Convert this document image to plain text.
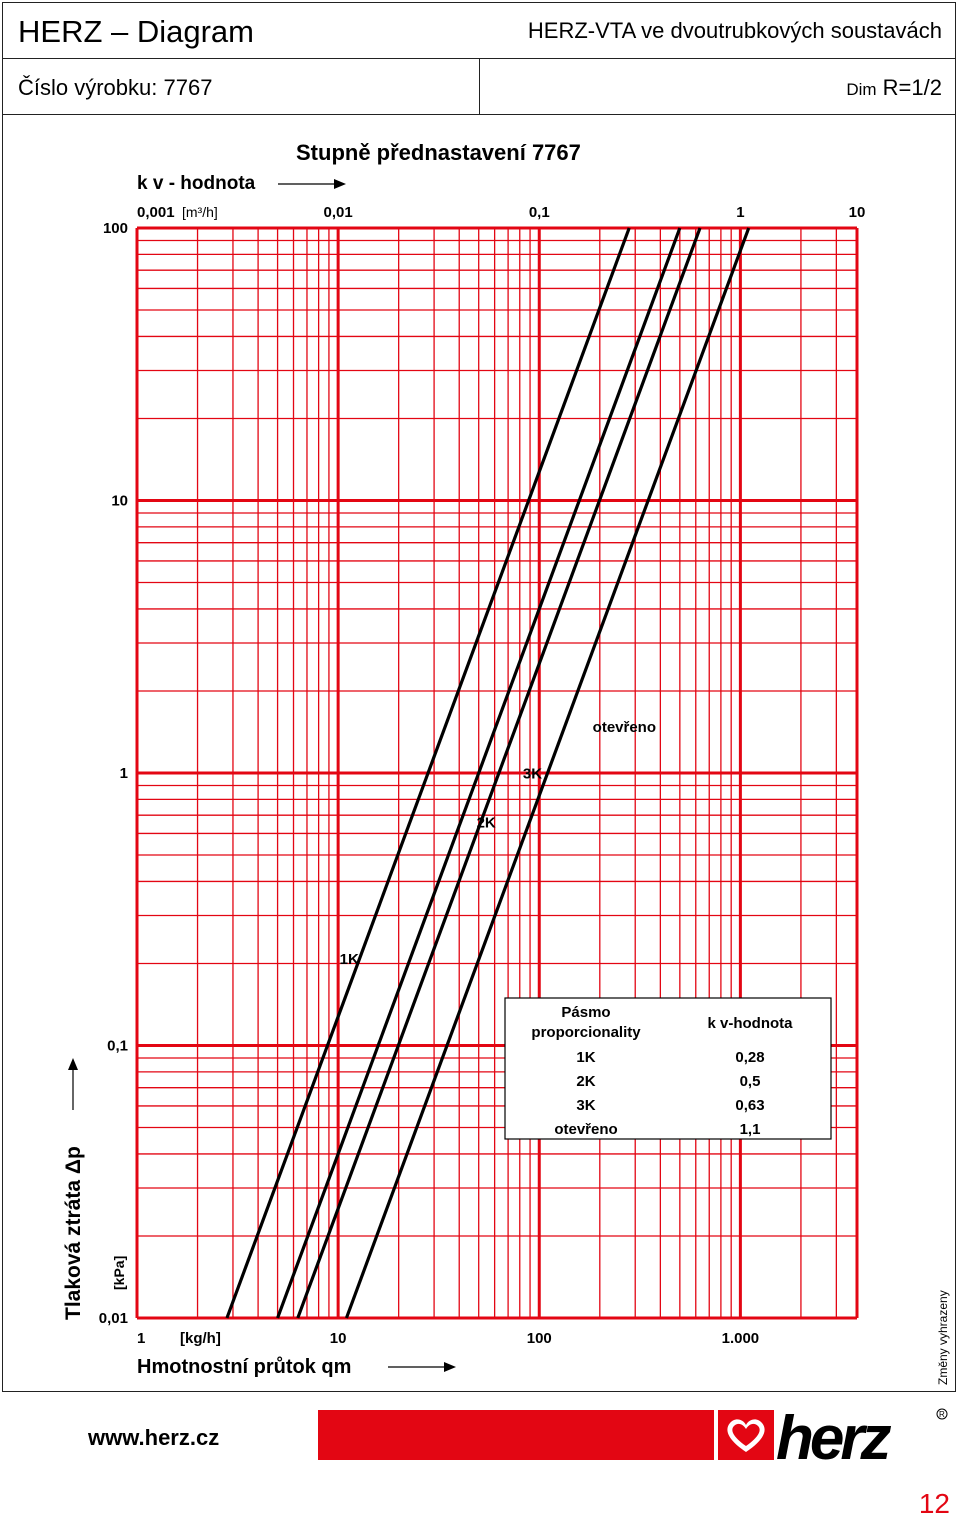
HERZ – Diagram	HERZ-VTA ve dvoutrubkových soustavách
Číslo výrobku: 7767	Dim R=1/2
1K
2K
3K
otevřeno
1	10	100	1.000
0,01
0,1
1
10
100
0,001	0,01	0,1	1	10
Stupně přednastavení 7767
k v - hodnota
[m³/h]
Hmotnostní průtok qm
[kg/h]
Tlaková ztráta Δp [kPa]
Pásmo
proporcionality
k v-hodnota
1K	0,28
2K	0,5
3K	0,63
otevřeno	1,1
www.herz.cz	herz	R
12
Změny vyhrazeny
